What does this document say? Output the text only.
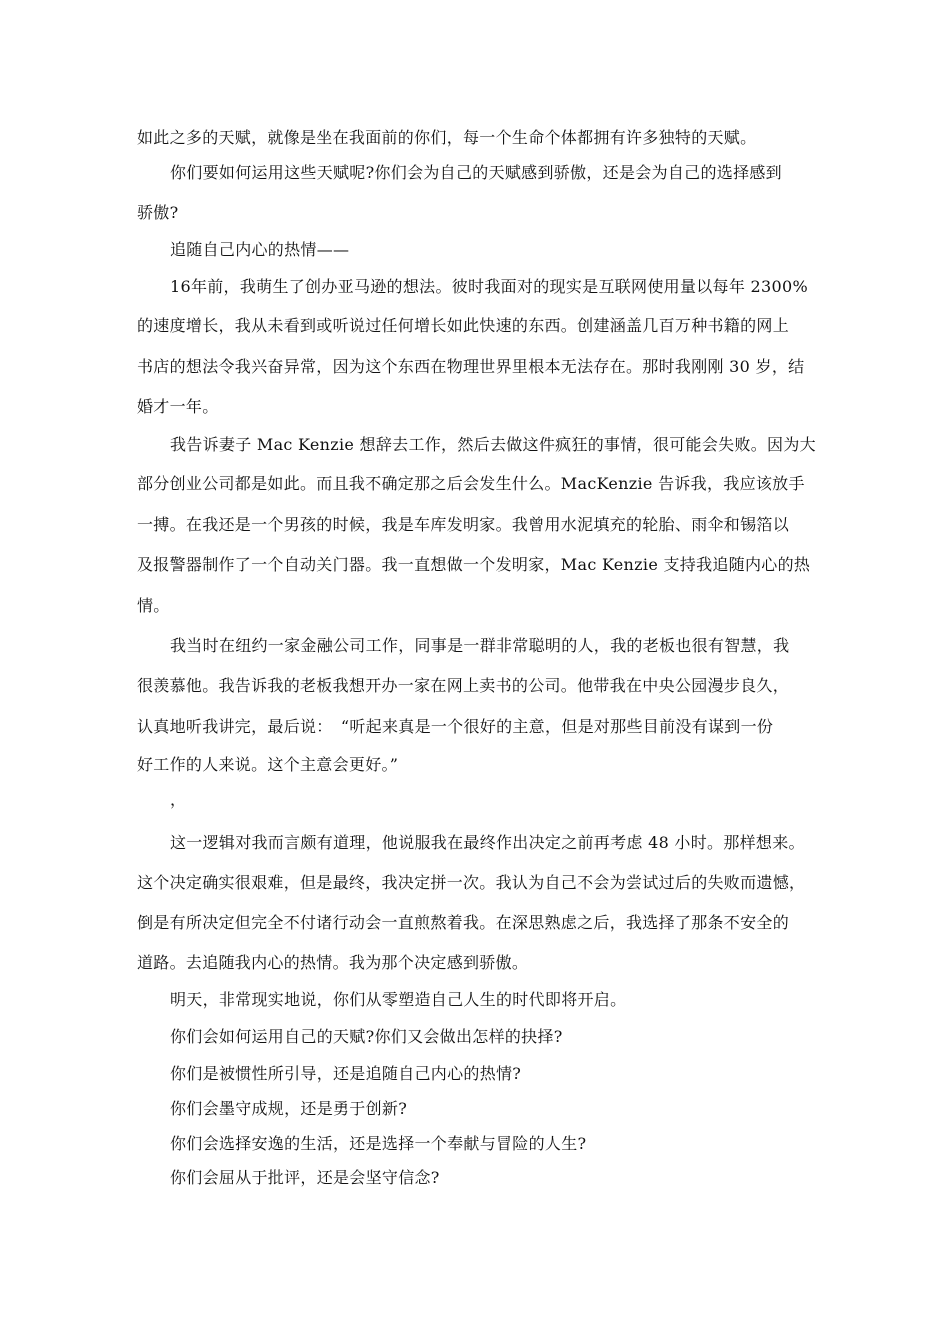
如此之多的天赋，就像是坐在我面前的你们，每一个生命个体都拥有许多独特的天赋。
你们要如何运用这些天赋呢?你们会为自己的天赋感到骄傲，还是会为自己的选择感到
骄傲?
追随自己内心的热情——
16年前，我萌生了创办亚马逊的想法。彼时我面对的现实是互联网使用量以每年 2300%
的速度增长，我从未看到或听说过任何增长如此快速的东西。创建涵盖几百万种书籍的网上
书店的想法令我兴奋异常，因为这个东西在物理世界里根本无法存在。那时我刚刚 30 岁，结
婚才一年。
我告诉妻子 Mac Kenzie 想辞去工作，然后去做这件疯狂的事情，很可能会失败。因为大
部分创业公司都是如此。而且我不确定那之后会发生什么。MacKenzie 告诉我，我应该放手
一搏。在我还是一个男孩的时候，我是车库发明家。我曾用水泥填充的轮胎、雨伞和锡箔以
及报警器制作了一个自动关门器。我一直想做一个发明家，Mac Kenzie 支持我追随内心的热
情。
我当时在纽约一家金融公司工作，同事是一群非常聪明的人，我的老板也很有智慧，我
很羡慕他。我告诉我的老板我想开办一家在网上卖书的公司。他带我在中央公园漫步良久，
认真地听我讲完，最后说：　“听起来真是一个很好的主意，但是对那些目前没有谋到一份
好工作的人来说。这个主意会更好。”
，
这一逻辑对我而言颇有道理，他说服我在最终作出决定之前再考虑 48 小时。那样想来。
这个决定确实很艰难，但是最终，我决定拼一次。我认为自己不会为尝试过后的失败而遗憾，
倒是有所决定但完全不付诸行动会一直煎熬着我。在深思熟虑之后，我选择了那条不安全的
道路。去追随我内心的热情。我为那个决定感到骄傲。
明天，非常现实地说，你们从零塑造自己人生的时代即将开启。
你们会如何运用自己的天赋?你们又会做出怎样的抉择?
你们是被惯性所引导，还是追随自己内心的热情?
你们会墨守成规，还是勇于创新?
你们会选择安逸的生活，还是选择一个奉献与冒险的人生?
你们会屈从于批评，还是会坚守信念?
